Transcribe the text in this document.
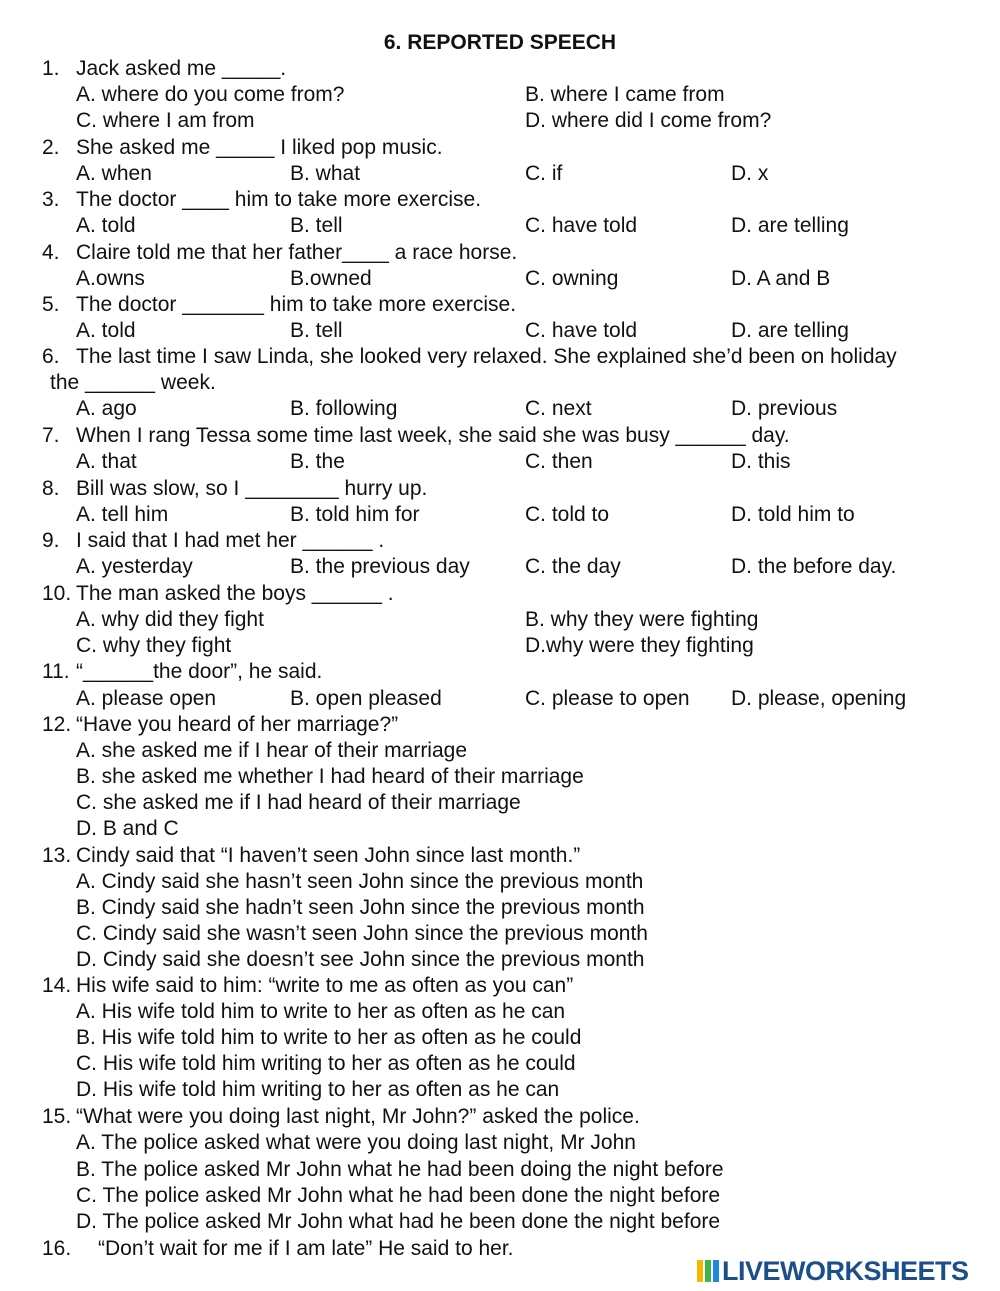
6. REPORTED SPEECH
1. Jack asked me _____.
A. where do you come from?	B. where I came from
C. where I am from	D. where did I come from?
2. She asked me _____ I liked pop music.
A. when	B. what	C. if	D. x
3. The doctor ____ him to take more exercise.
A. told	B. tell	C. have told	D. are telling
4. Claire told me that her father____ a race horse.
A.owns	B.owned	C. owning	D. A and B
5. The doctor _______ him to take more exercise.
A. told	B. tell	C. have told	D. are telling
6. The last time I saw Linda, she looked very relaxed. She explained she’d been on holiday
the ______ week.
A. ago	B. following	C. next	D. previous
7. When I rang Tessa some time last week, she said she was busy ______ day.
A. that	B. the	C. then	D. this
8. Bill was slow, so I ________ hurry up.
A. tell him	B. told him for	C. told to	D. told him to
9. I said that I had met her ______ .
A. yesterday	B. the previous day	C. the day	D. the before day.
10. The man asked the boys ______ .
A. why did they fight	B. why they were fighting
C. why they fight	D.why were they fighting
11. “______the door”, he said.
A. please open	B. open pleased	C. please to open D. please, opening
12. “Have you heard of her marriage?”
A. she asked me if I hear of their marriage
B. she asked me whether I had heard of their marriage
C. she asked me if I had heard of their marriage
D. B and C
13. Cindy said that “I haven’t seen John since last month.”
A. Cindy said she hasn’t seen John since the previous month
B. Cindy said she hadn’t seen John since the previous month
C. Cindy said she wasn’t seen John since the previous month
D. Cindy said she doesn’t see John since the previous month
14. His wife said to him: “write to me as often as you can”
A. His wife told him to write to her as often as he can
B. His wife told him to write to her as often as he could
C. His wife told him writing to her as often as he could
D. His wife told him writing to her as often as he can
15. “What were you doing last night, Mr John?” asked the police.
A. The police asked what were you doing last night, Mr John
B. The police asked Mr John what he had been doing the night before
C. The police asked Mr John what he had been done the night before
D. The police asked Mr John what had he been done the night before
16. “Don’t wait for me if I am late” He said to her.
LIVEWORKSHEETS
